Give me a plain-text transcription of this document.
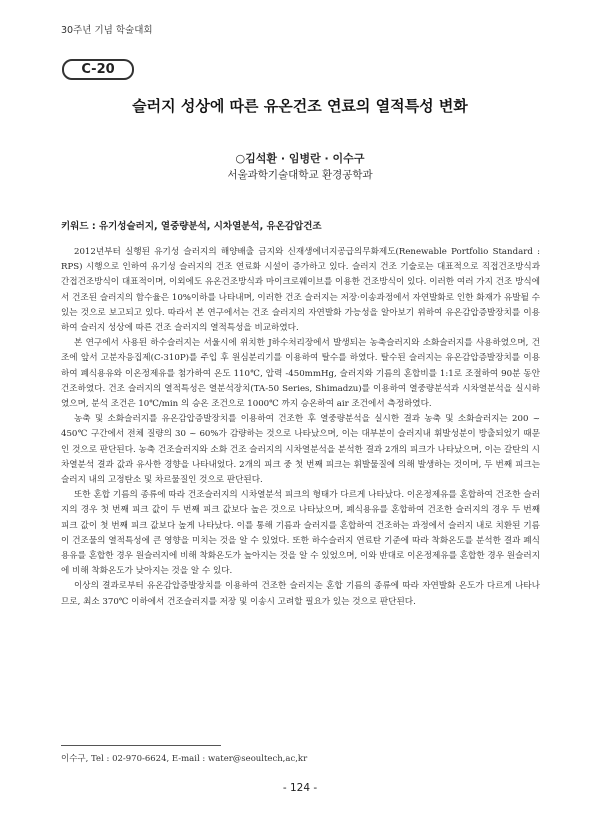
30주년 기념 학술대회
C-20
슬러지 성상에 따른 유온건조 연료의 열적특성 변화
○김석환 · 임병란 · 이수구
서울과학기술대학교 환경공학과
키워드 : 유기성슬러지, 열중량분석, 시차열분석, 유온감압건조

2012년부터 실행된 유기성 슬러지의 해양배출 금지와 신재생에너지공급의무화제도(Renewable Portfolio Standard : RPS) 시행으로 인하여 유기성 슬러지의 건조 연료화 시설이 증가하고 있다. 슬러지 건조 기술로는 대표적으로 직접건조방식과 간접건조방식이 대표적이며, 이외에도 유온건조방식과 마이크로웨이브를 이용한 건조방식이 있다. 이러한 여러 가지 건조 방식에서 건조된 슬러지의 함수율은 10%이하를 나타내며, 이러한 건조 슬러지는 저장·이송과정에서 자연발화로 인한 화재가 유발될 수 있는 것으로 보고되고 있다. 따라서 본 연구에서는 건조 슬러지의 자연발화 가능성을 알아보기 위하여 유온감압증발장치를 이용하여 슬러지 성상에 따른 건조 슬러지의 열적특성을 비교하였다.

본 연구에서 사용된 하수슬러지는 서울시에 위치한 J하수처리장에서 발생되는 농축슬러지와 소화슬러지를 사용하였으며, 건조에 앞서 고분자응집제(C-310P)를 주입 후 원심분리기를 이용하여 탈수를 하였다. 탈수된 슬러지는 유온감압증발장치를 이용하여 폐식용유와 이온정제유를 첨가하여 온도 110℃, 압력 -450mmHg, 슬러지와 기름의 혼합비를 1:1로 조절하여 90분 동안 건조하였다. 건조 슬러지의 열적특성은 열분석장치(TA-50 Series, Shimadzu)를 이용하여 열중량분석과 시차열분석을 실시하였으며, 분석 조건은 10℃/min 의 승온 조건으로 1000℃ 까지 승온하여 air 조건에서 측정하였다.

농축 및 소화슬러지를 유온감압증발장치를 이용하여 건조한 후 열중량분석을 실시한 결과 농축 및 소화슬러지는 200 ~ 450℃ 구간에서 전체 질량의 30 ~ 60%가 감량하는 것으로 나타났으며, 이는 대부분이 슬러지내 휘발성분이 방출되었기 때문인 것으로 판단된다. 농축 건조슬러지와 소화 건조 슬러지의 시차열분석을 분석한 결과 2개의 피크가 나타났으며, 이는 갈탄의 시차열분석 결과 값과 유사한 경향을 나타내었다. 2개의 피크 중 첫 번째 피크는 휘발물질에 의해 발생하는 것이며, 두 번째 피크는 슬러지 내의 고정탄소 및 차르물질인 것으로 판단된다.

또한 혼합 기름의 종류에 따라 건조슬러지의 시차열분석 피크의 형태가 다르게 나타났다. 이온정제유를 혼합하여 건조한 슬러지의 경우 첫 번째 피크 값이 두 번째 피크 값보다 높은 것으로 나타났으며, 폐식용유를 혼합하여 건조한 슬러지의 경우 두 번째 피크 값이 첫 번째 피크 값보다 높게 나타났다. 이를 통해 기름과 슬러지를 혼합하여 건조하는 과정에서 슬러지 내로 치환된 기름이 건조물의 열적특성에 큰 영향을 미치는 것을 알 수 있었다. 또한 하수슬러지 연료탄 기준에 따라 착화온도를 분석한 결과 폐식용유를 혼합한 경우 원슬러지에 비해 착화온도가 높아지는 것을 알 수 있었으며, 이와 반대로 이온정제유를 혼합한 경우 원슬러지에 비해 착화온도가 낮아지는 것을 알 수 있다.

이상의 결과로부터 유온감압증발장치를 이용하여 건조한 슬러지는 혼합 기름의 종류에 따라 자연발화 온도가 다르게 나타나므로, 최소 370℃ 이하에서 건조슬러지를 저장 및 이송시 고려할 필요가 있는 것으로 판단된다.

이수구, Tel : 02-970-6624, E-mail : water@seoultech,ac,kr
- 124 -
